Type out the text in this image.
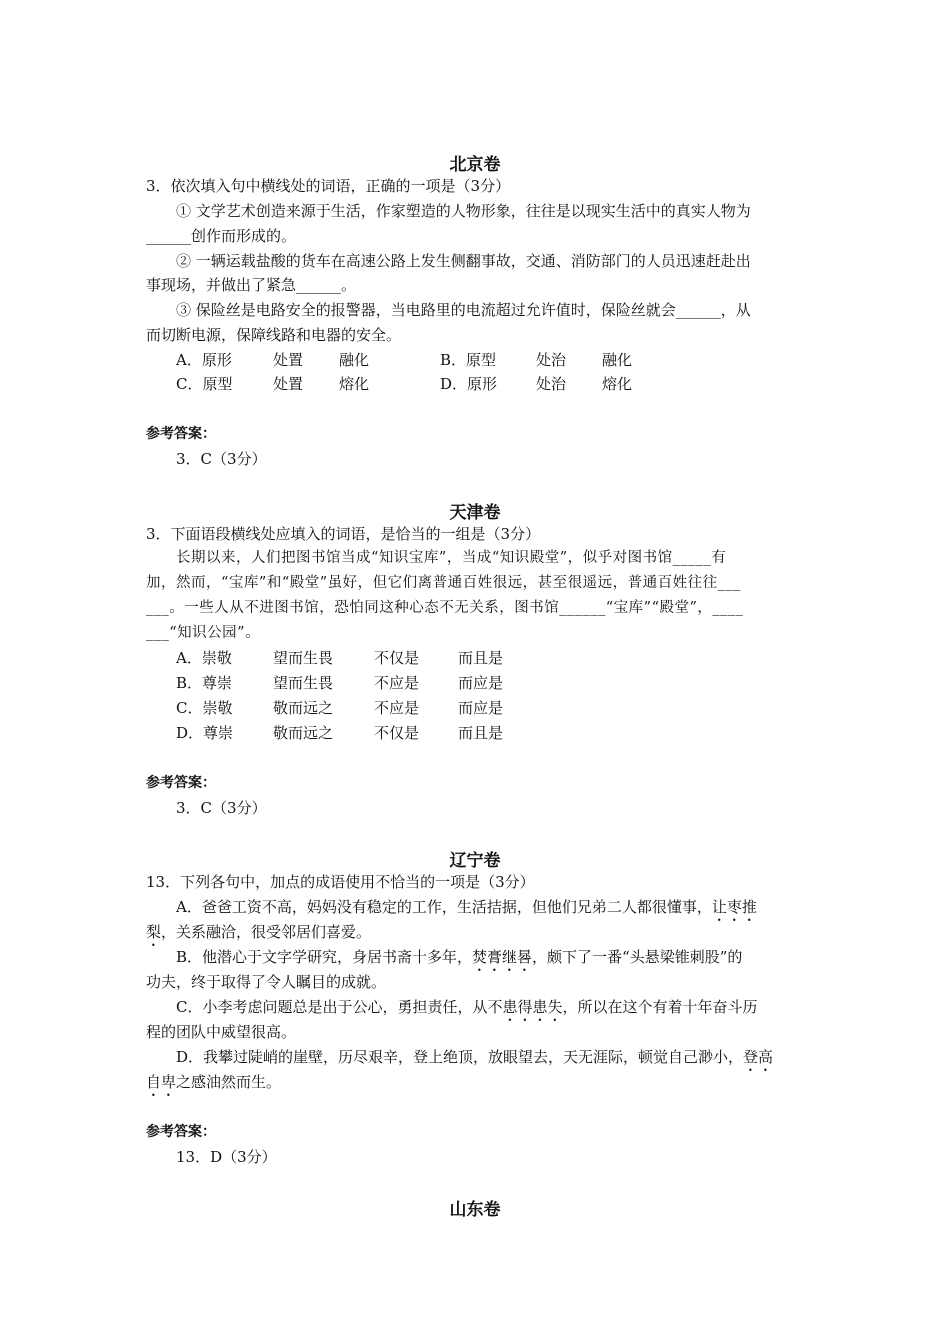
北京卷
3．依次填入句中横线处的词语，正确的一项是（3分）
① 文学艺术创造来源于生活，作家塑造的人物形象，往往是以现实生活中的真实人物为
______创作而形成的。
② 一辆运载盐酸的货车在高速公路上发生侧翻事故，交通、消防部门的人员迅速赶赴出
事现场，并做出了紧急______。
③ 保险丝是电路安全的报警器，当电路里的电流超过允许值时，保险丝就会______，从
而切断电源，保障线路和电器的安全。
A．原形	处置 融化	B．原型	处治 融化
C．原型	处置 熔化	D．原形	处治 熔化
参考答案：
3．C（3分）
天津卷
3．下面语段横线处应填入的词语，是恰当的一组是（3分）
长期以来，人们把图书馆当成“知识宝库”，当成“知识殿堂”，似乎对图书馆_____有
加，然而，“宝库”和“殿堂”虽好，但它们离普通百姓很远，甚至很遥远，普通百姓往往___
___。一些人从不进图书馆，恐怕同这种心态不无关系，图书馆______“宝库”“殿堂”，____
___“知识公园”。
A．崇敬	望而生畏	不仅是	而且是
B．尊崇	望而生畏	不应是	而应是
C．崇敬	敬而远之	不应是	而应是
D．尊崇	敬而远之	不仅是	而且是
参考答案：
3．C（3分）
辽宁卷
13．下列各句中，加点的成语使用不恰当的一项是（3分）
A．爸爸工资不高，妈妈没有稳定的工作，生活拮据，但他们兄弟二人都很懂事，让枣推
梨，关系融洽，很受邻居们喜爱。
B．他潜心于文字学研究，身居书斋十多年，焚膏继晷，颇下了一番“头悬梁锥刺股”的
功夫，终于取得了令人瞩目的成就。
C．小李考虑问题总是出于公心，勇担责任，从不患得患失，所以在这个有着十年奋斗历
程的团队中威望很高。
D．我攀过陡峭的崖壁，历尽艰辛，登上绝顶，放眼望去，天无涯际，顿觉自己渺小，登高
自卑之感油然而生。
参考答案：
13．D（3分）
山东卷
